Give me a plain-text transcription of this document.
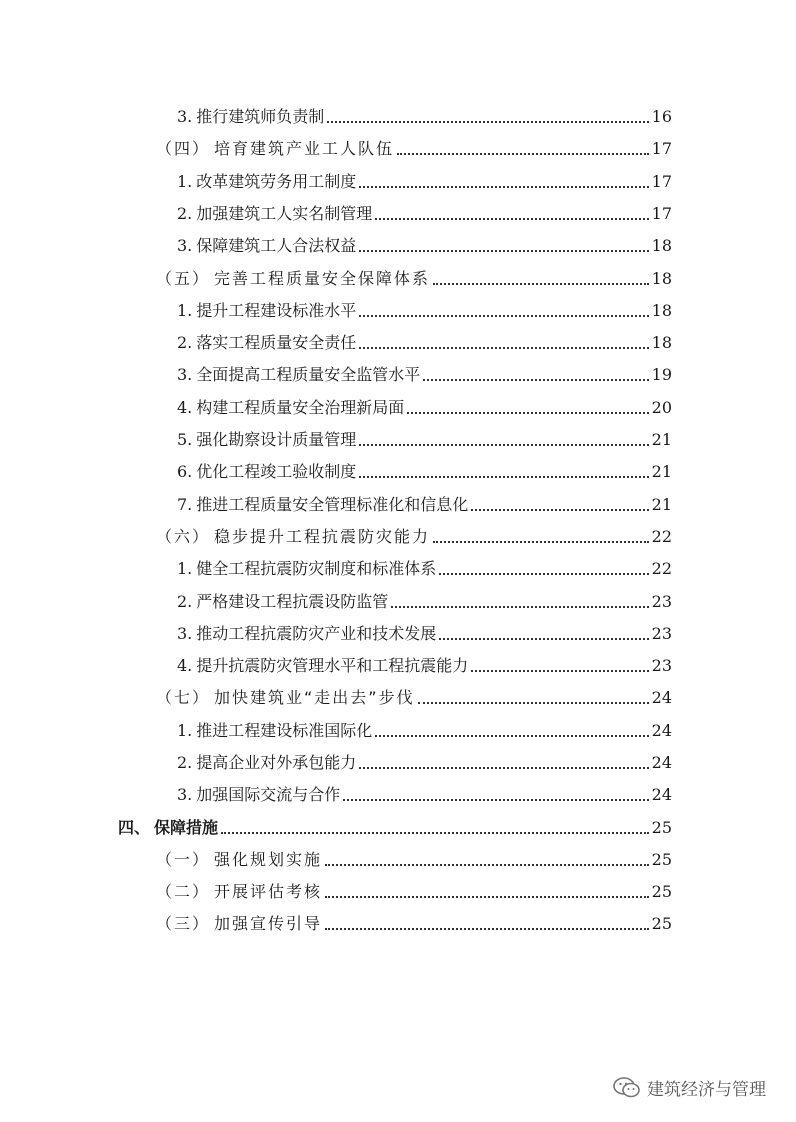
3. 推行建筑师负责制	16
（四） 培育建筑产业工人队伍	17
1. 改革建筑劳务用工制度	17
2. 加强建筑工人实名制管理	17
3. 保障建筑工人合法权益	18
（五） 完善工程质量安全保障体系	18
1. 提升工程建设标准水平	18
2. 落实工程质量安全责任	18
3. 全面提高工程质量安全监管水平	19
4. 构建工程质量安全治理新局面	20
5. 强化勘察设计质量管理	21
6. 优化工程竣工验收制度	21
7. 推进工程质量安全管理标准化和信息化	21
（六） 稳步提升工程抗震防灾能力	22
1. 健全工程抗震防灾制度和标准体系	22
2. 严格建设工程抗震设防监管	23
3. 推动工程抗震防灾产业和技术发展	23
4. 提升抗震防灾管理水平和工程抗震能力	23
（七） 加快建筑业“走出去”步伐	24
1. 推进工程建设标准国际化	24
2. 提高企业对外承包能力	24
3. 加强国际交流与合作	24
四、 保障措施	25
（一） 强化规划实施	25
（二） 开展评估考核	25
（三） 加强宣传引导	25
建筑经济与管理
